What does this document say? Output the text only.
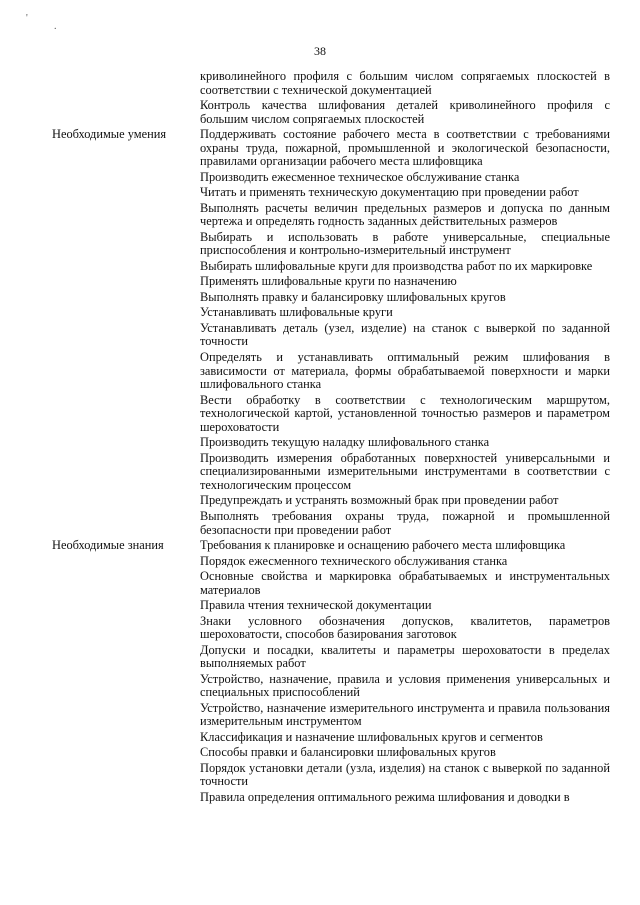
'
.
38
криволинейного профиля с большим числом сопрягаемых плоскостей в соответствии с технической документацией
Контроль качества шлифования деталей криволинейного профиля с большим числом сопрягаемых плоскостей
Необходимые умения	Поддерживать состояние рабочего места в соответствии с требованиями охраны труда, пожарной, промышленной и экологической безопасности, правилами организации рабочего места шлифовщика
Производить ежесменное техническое обслуживание станка
Читать и применять техническую документацию при проведении работ
Выполнять расчеты величин предельных размеров и допуска по данным чертежа и определять годность заданных действительных размеров
Выбирать и использовать в работе универсальные, специальные приспособления и контрольно-измерительный инструмент
Выбирать шлифовальные круги для производства работ по их маркировке
Применять шлифовальные круги по назначению
Выполнять правку и балансировку шлифовальных кругов
Устанавливать шлифовальные круги
Устанавливать деталь (узел, изделие) на станок с выверкой по заданной точности
Определять и устанавливать оптимальный режим шлифования в зависимости от материала, формы обрабатываемой поверхности и марки шлифовального станка
Вести обработку в соответствии с технологическим маршрутом, технологической картой, установленной точностью размеров и параметром шероховатости
Производить текущую наладку шлифовального станка
Производить измерения обработанных поверхностей универсальными и специализированными измерительными инструментами в соответствии с технологическим процессом
Предупреждать и устранять возможный брак при проведении работ
Выполнять требования охраны труда, пожарной и промышленной безопасности при проведении работ
Необходимые знания	Требования к планировке и оснащению рабочего места шлифовщика
Порядок ежесменного технического обслуживания станка
Основные свойства и маркировка обрабатываемых и инструментальных материалов
Правила чтения технической документации
Знаки условного обозначения допусков, квалитетов, параметров шероховатости, способов базирования заготовок
Допуски и посадки, квалитеты и параметры шероховатости в пределах выполняемых работ
Устройство, назначение, правила и условия применения универсальных и специальных приспособлений
Устройство, назначение измерительного инструмента и правила пользования измерительным инструментом
Классификация и назначение шлифовальных кругов и сегментов
Способы правки и балансировки шлифовальных кругов
Порядок установки детали (узла, изделия) на станок с выверкой по заданной точности
Правила определения оптимального режима шлифования и доводки в
